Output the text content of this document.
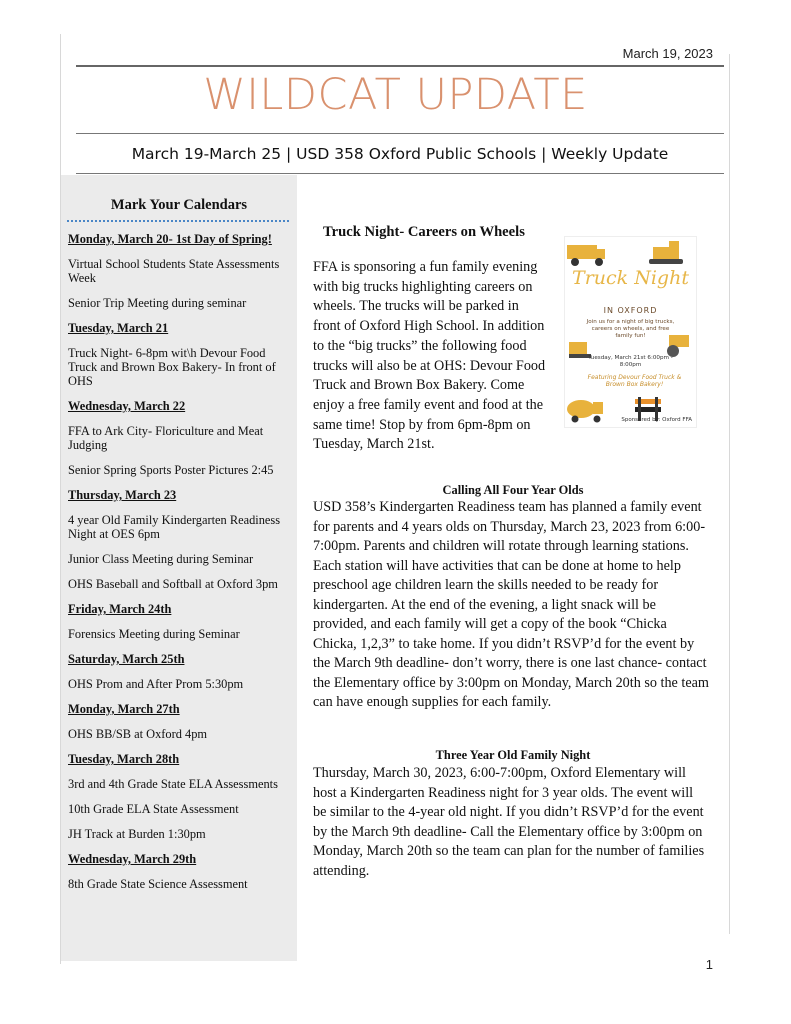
March 19, 2023
WILDCAT UPDATE
March 19-March 25 | USD 358 Oxford Public Schools | Weekly Update
Mark Your Calendars

Monday, March 20- 1st Day of Spring!

Virtual School Students State Assessments Week

Senior Trip Meeting during seminar

Tuesday, March 21

Truck Night- 6-8pm wit\h Devour Food Truck and Brown Box Bakery- In front of OHS

Wednesday, March 22

FFA to Ark City- Floriculture and Meat Judging

Senior Spring Sports Poster Pictures 2:45

Thursday, March 23

4 year Old Family Kindergarten Readiness Night at OES 6pm

Junior Class Meeting during Seminar

OHS Baseball and Softball at Oxford 3pm

Friday, March 24th

Forensics Meeting during Seminar

Saturday, March 25th

OHS Prom and After Prom 5:30pm

Monday, March 27th

OHS BB/SB at Oxford 4pm

Tuesday, March 28th

3rd and 4th Grade State ELA Assessments

10th Grade ELA State Assessment

JH Track at Burden 1:30pm

Wednesday, March 29th

8th Grade State Science Assessment

Truck Night- Careers on Wheels

FFA is sponsoring a fun family evening with big trucks highlighting careers on wheels. The trucks will be parked in front of Oxford High School. In addition to the “big trucks” the following food trucks will also be at OHS: Devour Food Truck and Brown Box Bakery. Come enjoy a free family event and food at the same time! Stop by from 6pm-8pm on Tuesday, March 21st.

Truck Night
IN OXFORD
Join us for a night of big trucks, careers on wheels, and free family fun!
Tuesday, March 21st 6:00pm - 8:00pm
Featuring Devour Food Truck & Brown Box Bakery!
Sponsored by: Oxford FFA
Calling All Four Year Olds

USD 358’s Kindergarten Readiness team has planned a family event for parents and 4 years olds on Thursday, March 23, 2023 from 6:00-7:00pm. Parents and children will rotate through learning stations. Each station will have activities that can be done at home to help preschool age children learn the skills needed to be ready for kindergarten. At the end of the evening, a light snack will be provided, and each family will get a copy of the book “Chicka Chicka, 1,2,3” to take home. If you didn’t RSVP’d for the event by the March 9th deadline- don’t worry, there is one last chance- contact the Elementary office by 3:00pm on Monday, March 20th so the team can have enough supplies for each family.

Three Year Old Family Night

Thursday, March 30, 2023, 6:00-7:00pm, Oxford Elementary will host a Kindergarten Readiness night for 3 year olds. The event will be similar to the 4-year old night. If you didn’t RSVP’d for the event by the March 9th deadline- Call the Elementary office by 3:00pm on Monday, March 20th so the team can plan for the number of families attending.

1
